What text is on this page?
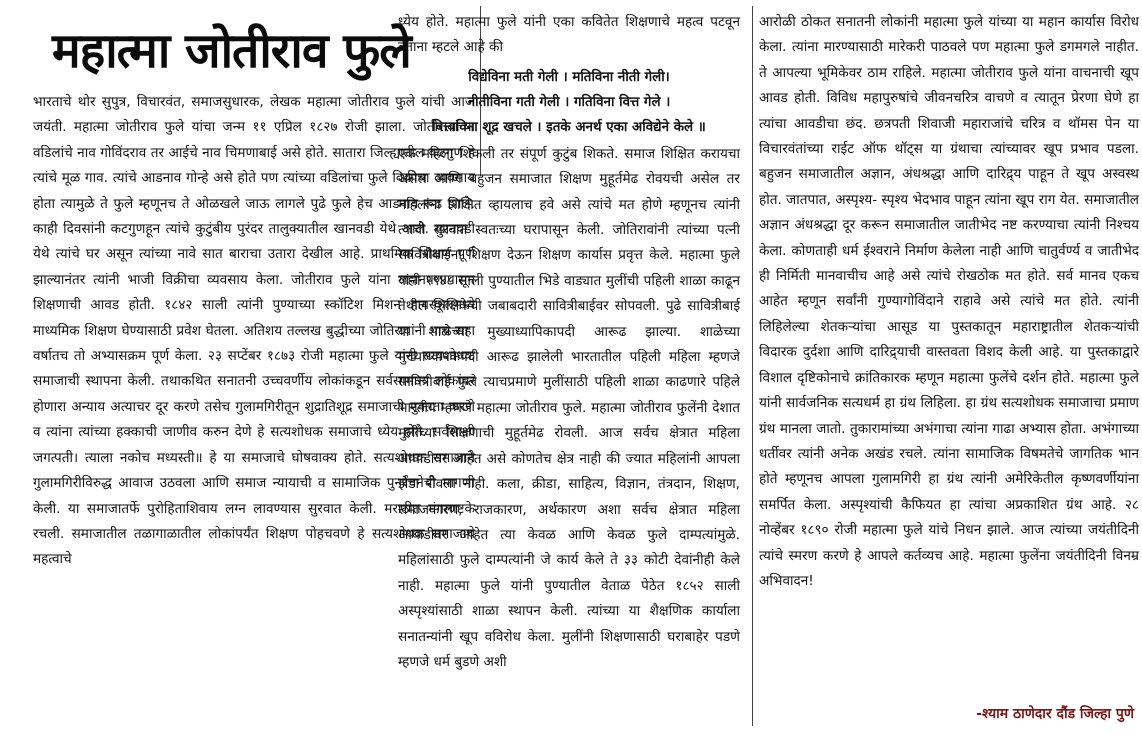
महात्मा जोतीराव फुले

भारताचे थोर सुपुत्र, विचारवंत, समाजसुधारक, लेखक महात्मा जोतीराव फुले यांची आज जयंती. महात्मा जोतीराव फुले यांचा जन्म ११ एप्रिल १८२७ रोजी झाला. जोतीरावांच्या वडिलांचे नाव गोविंदराव तर आईचे नाव चिमणाबाई असे होते. सातारा जिल्ह्यातील कटगुण हे त्यांचे मूळ गाव. त्यांचे आडनाव गोन्हे असे होते पण त्यांच्या वडिलांचा फुले विक्रीचा व्यवसाय होता त्यामुळे ते फुले म्हणूनच ते ओळखले जाऊ लागले पुढे फुले हेच आडनाव रूढ झाले. काही दिवसांनी कटगुणहून त्यांचे कुटुंबीय पुरंदर तालुक्यातील खानवडी येथे आले. खानवडी येथे त्यांचे घर असून त्यांच्या नावे सात बाराचा उतारा देखील आहे. प्राथमिक शिक्षण पूर्ण झाल्यानंतर त्यांनी भाजी विक्रीचा व्यवसाय केला. जोतीराव फुले यांना लहानपणापासून शिक्षणाची आवड होती. १८४२ साली त्यांनी पुण्याच्या स्कॉटिश मिशन हायस्कूलमध्ये माध्यमिक शिक्षण घेण्यासाठी प्रवेश घेतला. अतिशय तल्लख बुद्धीच्या जोतिरावांनी पाच सहा वर्षातच तो अभ्यासक्रम पूर्ण केला. २३ सप्टेंबर १८७३ रोजी महात्मा फुले यांनी सत्यशोधक समाजाची स्थापना केली. तथाकथित सनातनी उच्चवर्णीय लोकांकडून सर्वसामान्य लोकांवर होणारा अन्याय अत्याचर दूर करणे तसेच गुलामगिरीतून शुद्रातिशूद्र समाजाची मुक्तता करणे व त्यांना त्यांच्या हक्काची जाणीव करुन देणे हे सत्यशोधक समाजाचे ध्येय होते. सर्वसाक्षी जगत्पती। त्याला नकोच मध्यस्ती॥ हे या समाजाचे घोषवाक्य होते. सत्यशोधक समाजाने गुलामगिरीविरुद्ध आवाज उठवला आणि समाज न्यायाची व सामाजिक पुनर्रचनेची मागणी केली. या समाजातर्फे पुरोहिताशिवाय लग्न लावण्यास सुरवात केली. मराठीत मंगलाष्टके रचली. समाजातील तळागाळातील लोकांपर्यंत शिक्षण पोहचवणे हे सत्यशोधक समाजाचे महत्वाचे

ध्येय होते. महात्मा फुले यांनी एका कवितेत शिक्षणाचे महत्व पटवून देताना म्हटले आहे की

विद्येविना मती गेली । मतिविना नीती गेली।
नीतीविना गती गेली । गतिविना वित्त गेले ।
वित्ताविना शूद्र खचले । इतके अनर्थ एका अविद्येने केले ॥

एक महिला शिकली तर संपूर्ण कुटुंब शिकते. समाज शिक्षित करायचा असेल आणि बहुजन समाजात शिक्षण मुहूर्तमेढ रोवयची असेल तर महिलांना शिक्षित व्हायलाच हवे असे त्यांचे मत होणे म्हणूनच त्यांनी त्याची सुरवात स्वतःच्या घरापासून केली. जोतिरावांनी त्यांच्या पत्नी सावित्रीबाईना शिक्षण देऊन शिक्षण कार्यास प्रवृत्त केले. महात्मा फुले यांनी १९४८ साली पुण्यातील भिडे वाड्यात मुलींची पहिली शाळा काढून तेथील शिक्षिकेची जबाबदारी सावित्रीबाईवर सोपवली. पुढे सावित्रीबाई या शाळेच्या मुख्याध्यापिकापदी आरूढ झाल्या. शाळेच्या मुख्याध्यापकपदी आरूढ झालेली भारतातील पहिली महिला म्हणजे सावित्रीबाई फुले त्याचप्रमाणे मुलींसाठी पहिली शाळा काढणारे पहिले भारतीय म्हणजे महात्मा जोतीराव फुले. महात्मा जोतीराव फुलेंनी देशात मुलींच्या शिक्षणाची मुहूर्तमेढ रोवली. आज सर्वच क्षेत्रात महिला आघाडीवर आहेत असे कोणतेच क्षेत्र नाही की ज्यात महिलांनी आपला झेंडा रोवला नाही. कला, क्रीडा, साहित्य, विज्ञान, तंत्रदान, शिक्षण, समाजकारण, राजकारण, अर्थकारण अशा सर्वच क्षेत्रात महिला आघाडीवर आहेत त्या केवळ आणि केवळ फुले दाम्पत्यांमुळे. महिलांसाठी फुले दाम्पत्यांनी जे कार्य केले ते ३३ कोटी देवांनीही केले नाही. महात्मा फुले यांनी पुण्यातील वेताळ पेठेत १८५२ साली अस्पृश्यांसाठी शाळा स्थापन केली. त्यांच्या या शैक्षणिक कार्याला सनातन्यांनी खूप वविरोध केला. मुलींनी शिक्षणासाठी घराबाहेर पडणे म्हणजे धर्म बुडणे अशी

आरोळी ठोकत सनातनी लोकांनी महात्मा फुले यांच्या या महान कार्यास विरोध केला. त्यांना मारण्यासाठी मारेकरी पाठवले पण महात्मा फुले डगमगले नाहीत. ते आपल्या भूमिकेवर ठाम राहिले. महात्मा जोतीराव फुले यांना वाचनाची खूप आवड होती. विविध महापुरुषांचे जीवनचरित्र वाचणे व त्यातून प्रेरणा घेणे हा त्यांचा आवडीचा छंद. छत्रपती शिवाजी महाराजांचे चरित्र व थॉमस पेन या विचारवंतांच्या राईट ऑफ थॉट्स या ग्रंथाचा त्यांच्यावर खूप प्रभाव पडला. बहुजन समाजातील अज्ञान, अंधश्रद्धा आणि दारिद्र्य पाहून ते खूप अस्वस्थ होत. जातपात, अस्पृश्य- स्पृश्य भेदभाव पाहून त्यांना खूप राग येत. समाजातील अज्ञान अंधश्रद्धा दूर करून समाजातील जातीभेद नष्ट करण्याचा त्यांनी निश्चय केला. कोणताही धर्म ईश्वराने निर्माण केलेला नाही आणि चातुर्वर्ण्य व जातीभेद ही निर्मिती मानवाचीच आहे असे त्यांचे रोखठोक मत होते. सर्व मानव एकच आहेत म्हणून सर्वांनी गुण्यागोविंदाने राहावे असे त्यांचे मत होते. त्यांनी लिहिलेल्या शेतकऱ्यांचा आसूड या पुस्तकातून महाराष्ट्रातील शेतकऱ्यांची विदारक दुर्दशा आणि दारिद्र्याची वास्तवता विशद केली आहे. या पुस्तकाद्वारे विशाल दृष्टिकोनाचे क्रांतिकारक म्हणून महात्मा फुलेंचे दर्शन होते. महात्मा फुले यांनी सार्वजनिक सत्यधर्म हा ग्रंथ लिहिला. हा ग्रंथ सत्यशोधक समाजाचा प्रमाण ग्रंथ मानला जातो. तुकारामांच्या अभंगाचा त्यांना गाढा अभ्यास होता. अभंगाच्या धर्तीवर त्यांनी अनेक अखंड रचले. त्यांना सामाजिक विषमतेचे जागतिक भान होते म्हणूनच आपला गुलामगिरी हा ग्रंथ त्यांनी अमेरिकेतील कृष्णवर्णीयांना समर्पित केला. अस्पृश्यांची कैफियत हा त्यांचा अप्रकाशित ग्रंथ आहे. २८ नोव्हेंबर १८९० रोजी महात्मा फुले यांचे निधन झाले. आज त्यांच्या जयंतीदिनी त्यांचे स्मरण करणे हे आपले कर्तव्यच आहे. महात्मा फुलेंना जयंतीदिनी विनम्र अभिवादन!

-श्याम ठाणेदार दौंड जिल्हा पुणे
